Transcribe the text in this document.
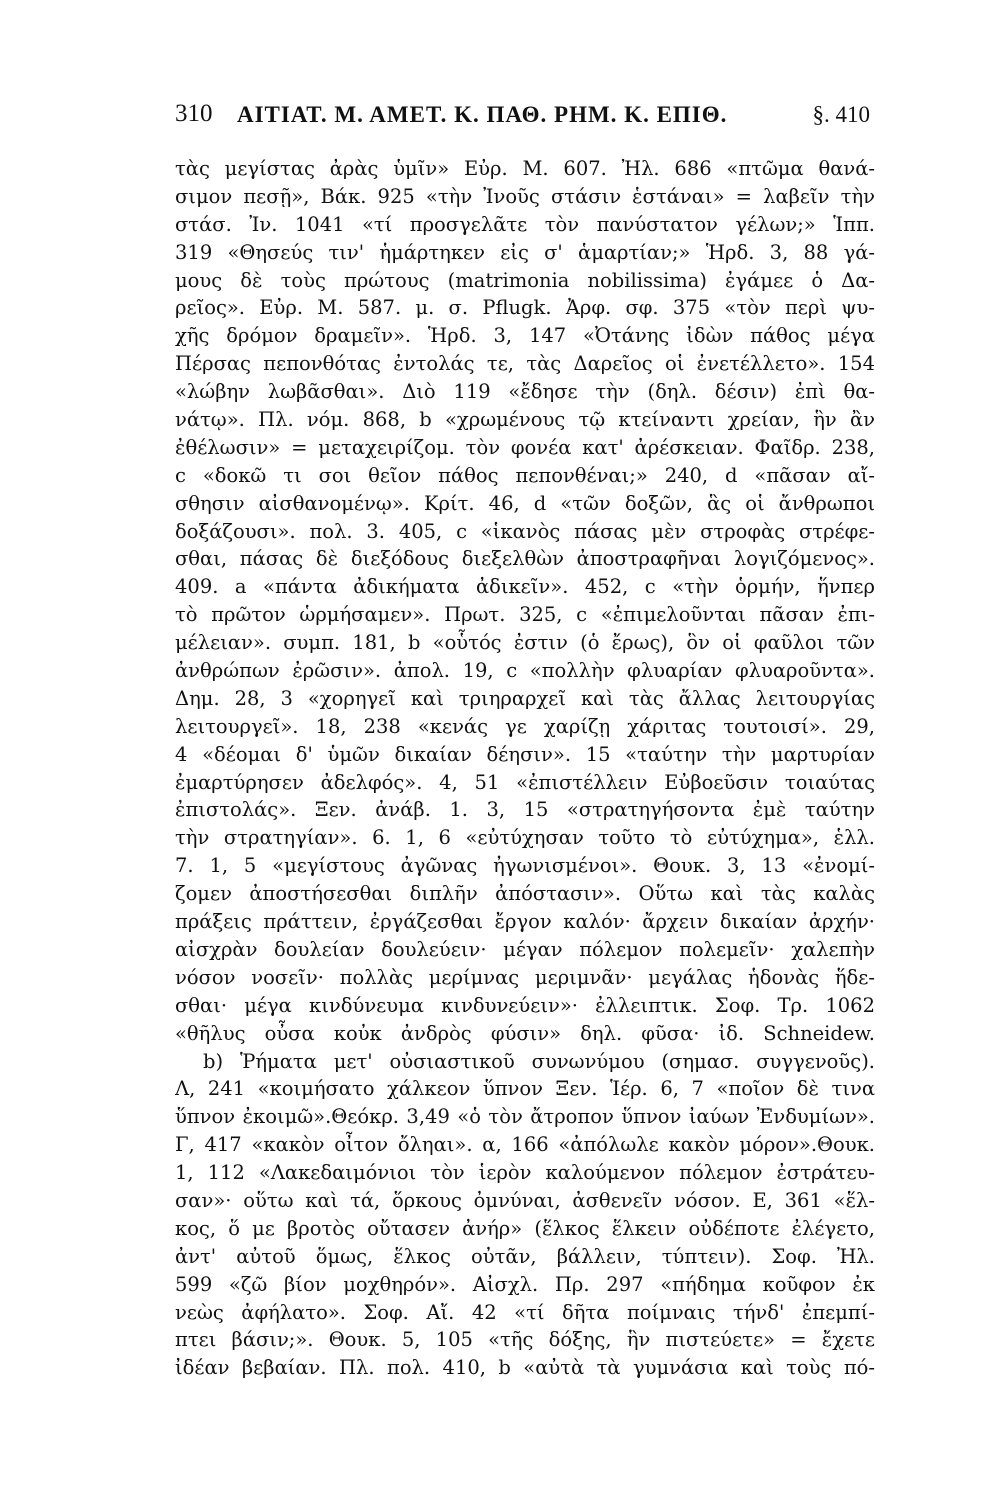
310 ΑΙΤΙΑΤ. Μ. ΑΜΕΤ. Κ. ΠΑΘ. ΡΗΜ. Κ. ΕΠΙΘ.	§. 410
τὰς μεγίστας ἀρὰς ὑμῖν» Εὐρ. Μ. 607. Ἠλ. 686 «πτῶμα θανά-
σιμον πεσῇ», Βάκ. 925 «τὴν Ἰνοῦς στάσιν ἑστάναι» = λαβεῖν τὴν
στάσ. Ἰν. 1041 «τί προσγελᾶτε τὸν πανύστατον γέλων;» Ἱππ.
319 «Θησεύς τιν' ἡμάρτηκεν εἰς σ' ἁμαρτίαν;» Ἡρδ. 3, 88 γά-
μους δὲ τοὺς πρώτους (matrimonia nobilissima) ἐγάμεε ὁ Δα-
ρεῖος». Εὐρ. Μ. 587. μ. σ. Pflugk. Ἀρφ. σφ. 375 «τὸν περὶ ψυ-
χῆς δρόμον δραμεῖν». Ἡρδ. 3, 147 «Ὀτάνης ἰδὼν πάθος μέγα
Πέρσας πεπονθότας ἐντολάς τε, τὰς Δαρεῖος οἱ ἐνετέλλετο». 154
«λώβην λωβᾶσθαι». Διὸ 119 «ἔδησε τὴν (δηλ. δέσιν) ἐπὶ θα-
νάτῳ». Πλ. νόμ. 868, b «χρωμένους τῷ κτείναντι χρείαν, ἣν ἂν
ἐθέλωσιν» = μεταχειρίζομ. τὸν φονέα κατ' ἀρέσκειαν. Φαῖδρ. 238,
c «δοκῶ τι σοι θεῖον πάθος πεπονθέναι;» 240, d «πᾶσαν αἴ-
σθησιν αἰσθανομένῳ». Κρίτ. 46, d «τῶν δοξῶν, ἃς οἱ ἄνθρωποι
δοξάζουσι». πολ. 3. 405, c «ἱκανὸς πάσας μὲν στροφὰς στρέφε-
σθαι, πάσας δὲ διεξόδους διεξελθὼν ἀποστραφῆναι λογιζόμενος».
409. a «πάντα ἀδικήματα ἀδικεῖν». 452, c «τὴν ὁρμήν, ἥνπερ
τὸ πρῶτον ὡρμήσαμεν». Πρωτ. 325, c «ἐπιμελοῦνται πᾶσαν ἐπι-
μέλειαν». συμπ. 181, b «οὗτός ἐστιν (ὁ ἔρως), ὃν οἱ φαῦλοι τῶν
ἀνθρώπων ἐρῶσιν». ἀπολ. 19, c «πολλὴν φλυαρίαν φλυαροῦντα».
Δημ. 28, 3 «χορηγεῖ καὶ τριηραρχεῖ καὶ τὰς ἄλλας λειτουργίας
λειτουργεῖ». 18, 238 «κενάς γε χαρίζῃ χάριτας τουτοισί». 29,
4 «δέομαι δ' ὑμῶν δικαίαν δέησιν». 15 «ταύτην τὴν μαρτυρίαν
ἐμαρτύρησεν ἀδελφός». 4, 51 «ἐπιστέλλειν Εὐβοεῦσιν τοιαύτας
ἐπιστολάς». Ξεν. ἀνάβ. 1. 3, 15 «στρατηγήσοντα ἐμὲ ταύτην
τὴν στρατηγίαν». 6. 1, 6 «εὐτύχησαν τοῦτο τὸ εὐτύχημα», ἑλλ.
7. 1, 5 «μεγίστους ἀγῶνας ἠγωνισμένοι». Θουκ. 3, 13 «ἐνομί-
ζομεν ἀποστήσεσθαι διπλῆν ἀπόστασιν». Οὕτω καὶ τὰς καλὰς
πράξεις πράττειν, ἐργάζεσθαι ἔργον καλόν· ἄρχειν δικαίαν ἀρχήν·
αἰσχρὰν δουλείαν δουλεύειν· μέγαν πόλεμον πολεμεῖν· χαλεπὴν
νόσον νοσεῖν· πολλὰς μερίμνας μεριμνᾶν· μεγάλας ἡδονὰς ἥδε-
σθαι· μέγα κινδύνευμα κινδυνεύειν»· ἐλλειπτικ. Σοφ. Τρ. 1062
«θῆλυς οὖσα κοὐκ ἀνδρὸς φύσιν» δηλ. φῦσα· ἰδ. Schneidew.
b) Ῥήματα μετ' οὐσιαστικοῦ συνωνύμου (σημασ. συγγενοῦς).
Λ, 241 «κοιμήσατο χάλκεον ὕπνον Ξεν. Ἱέρ. 6, 7 «ποῖον δὲ τινα
ὕπνον ἐκοιμῶ».Θεόκρ. 3,49 «ὁ τὸν ἄτροπον ὕπνον ἰαύων Ἐνδυμίων».
Γ, 417 «κακὸν οἶτον ὄληαι». α, 166 «ἀπόλωλε κακὸν μόρον».Θουκ.
1, 112 «Λακεδαιμόνιοι τὸν ἱερὸν καλούμενον πόλεμον ἐστράτευ-
σαν»· οὕτω καὶ τά, ὅρκους ὀμνύναι, ἀσθενεῖν νόσον. Ε, 361 «ἕλ-
κος, ὅ με βροτὸς οὔτασεν ἀνήρ» (ἕλκος ἕλκειν οὐδέποτε ἐλέγετο,
ἀντ' αὐτοῦ ὅμως, ἕλκος οὐτᾶν, βάλλειν, τύπτειν). Σοφ. Ἠλ.
599 «ζῶ βίον μοχθηρόν». Αἰσχλ. Πρ. 297 «πήδημα κοῦφον ἐκ
νεὼς ἀφήλατο». Σοφ. Αἴ. 42 «τί δῆτα ποίμναις τήνδ' ἐπεμπί-
πτει βάσιν;». Θουκ. 5, 105 «τῆς δόξης, ἣν πιστεύετε» = ἔχετε
ἰδέαν βεβαίαν. Πλ. πολ. 410, b «αὐτὰ τὰ γυμνάσια καὶ τοὺς πό-
